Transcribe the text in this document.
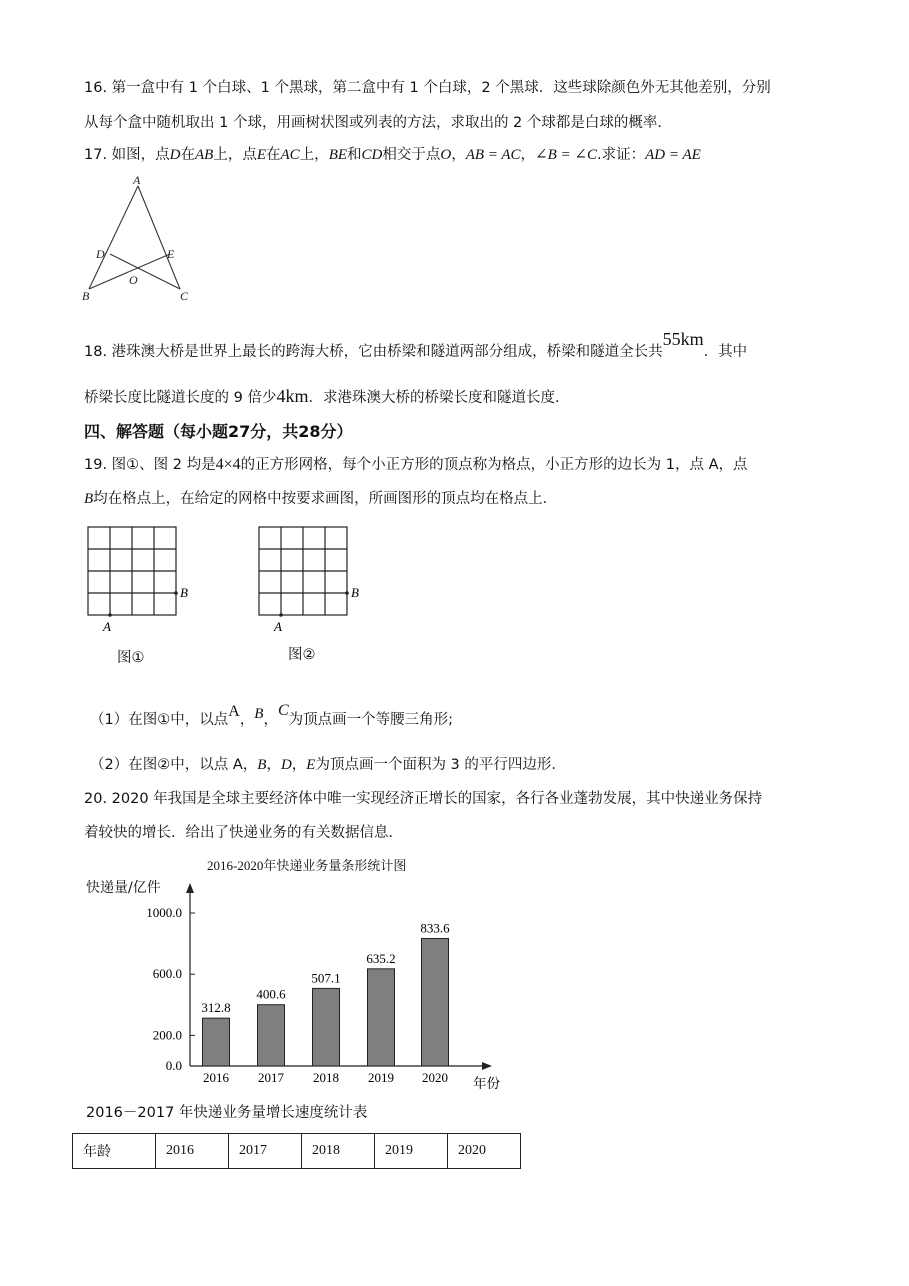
16. 第一盒中有 1 个白球、1 个黑球，第二盒中有 1 个白球，2 个黑球．这些球除颜色外无其他差别，分别
从每个盒中随机取出 1 个球，用画树状图或列表的方法，求取出的 2 个球都是白球的概率．
17. 如图，点D在AB上，点E在AC上，BE和CD相交于点O，AB = AC，∠B = ∠C.求证：AD = AE
A
D	E
O
B	C
18. 港珠澳大桥是世界上最长的跨海大桥，它由桥梁和隧道两部分组成，桥梁和隧道全长共55km．其中
桥梁长度比隧道长度的 9 倍少4km．求港珠澳大桥的桥梁长度和隧道长度．
四、解答题（每小题27分，共28分）
19. 图①、图 2 均是4×4的正方形网格，每个小正方形的顶点称为格点，小正方形的边长为 1，点 A，点
B均在格点上，在给定的网格中按要求画图，所画图形的顶点均在格点上．
A
B
图①
A
B
图②
（1）在图①中，以点A，B，C为顶点画一个等腰三角形;
（2）在图②中，以点 A，B，D，E为顶点画一个面积为 3 的平行四边形．
20. 2020 年我国是全球主要经济体中唯一实现经济正增长的国家，各行各业蓬勃发展，其中快递业务保持
着较快的增长．给出了快递业务的有关数据信息．
2016-2020年快递业务量条形统计图
快递量/亿件
0.0
200.0
600.0
1000.0
312.8
2016
400.6
2017
507.1
2018
635.2
2019
833.6
2020 年份
2016－2017 年快递业务量增长速度统计表
年龄	2016	2017	2018	2019	2020
